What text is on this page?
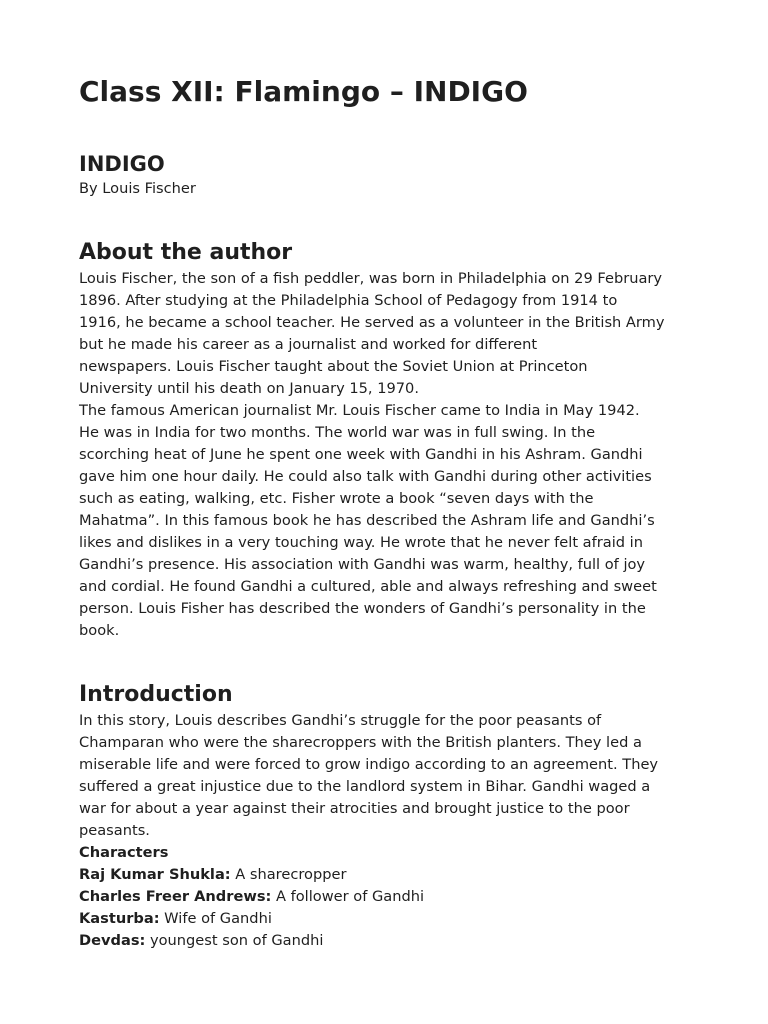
Class XII: Flamingo – INDIGO
INDIGO

By Louis Fischer

About the author

Louis Fischer, the son of a fish peddler, was born in Philadelphia on 29 February
1896. After studying at the Philadelphia School of Pedagogy from 1914 to
1916, he became a school teacher. He served as a volunteer in the British Army
but he made his career as a journalist and worked for different
newspapers. Louis Fischer taught about the Soviet Union at Princeton
University until his death on January 15, 1970.

The famous American journalist Mr. Louis Fischer came to India in May 1942.
He was in India for two months. The world war was in full swing. In the
scorching heat of June he spent one week with Gandhi in his Ashram. Gandhi
gave him one hour daily. He could also talk with Gandhi during other activities
such as eating, walking, etc. Fisher wrote a book “seven days with the
Mahatma”. In this famous book he has described the Ashram life and Gandhi’s
likes and dislikes in a very touching way. He wrote that he never felt afraid in
Gandhi’s presence. His association with Gandhi was warm, healthy, full of joy
and cordial. He found Gandhi a cultured, able and always refreshing and sweet
person. Louis Fisher has described the wonders of Gandhi’s personality in the
book.

Introduction

In this story, Louis describes Gandhi’s struggle for the poor peasants of
Champaran who were the sharecroppers with the British planters. They led a
miserable life and were forced to grow indigo according to an agreement. They
suffered a great injustice due to the landlord system in Bihar. Gandhi waged a
war for about a year against their atrocities and brought justice to the poor
peasants.

Characters

Raj Kumar Shukla: A sharecropper

Charles Freer Andrews: A follower of Gandhi

Kasturba: Wife of Gandhi

Devdas: youngest son of Gandhi
